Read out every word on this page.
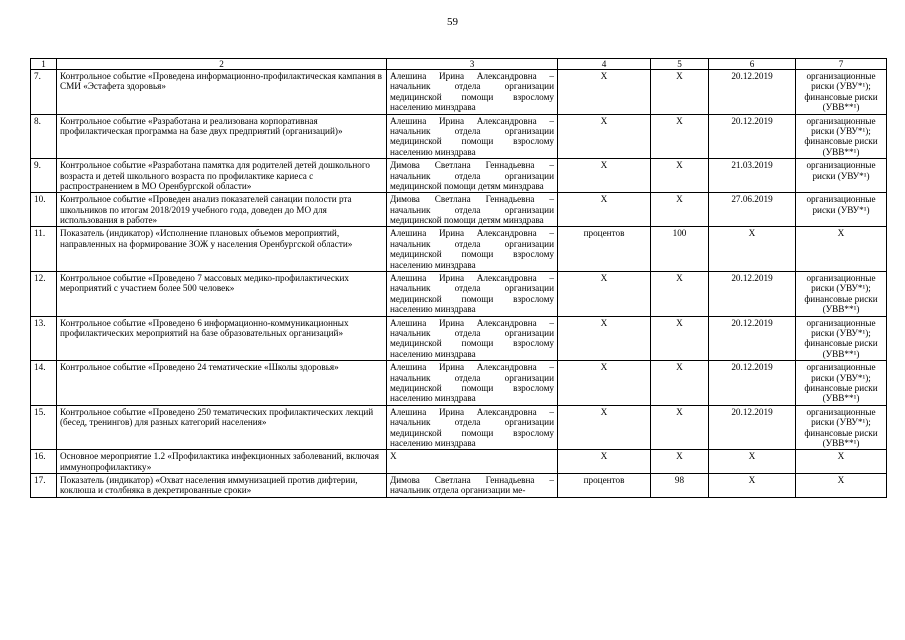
59
1	2	3	4	5	6	7
7.	Контрольное событие «Проведена информационно-профилактическая кампания в СМИ «Эстафета здоровья»	Алешина Ирина Александровна – начальник отдела организации медицинской помощи взрослому населению минздрава	Х	Х	20.12.2019	организационные риски (УВУ*¹);
финансовые риски (УВВ**¹)

8.	Контрольное событие «Разработана и реализована корпоративная профилактическая программа на базе двух предприятий (организаций)»	Алешина Ирина Александровна – начальник отдела организации медицинской помощи взрослому населению минздрава	Х	Х	20.12.2019	организационные риски (УВУ*¹);
финансовые риски (УВВ**¹)

9.	Контрольное событие «Разработана памятка для родителей детей дошкольного возраста и детей школьного возраста по профилактике кариеса с распространением в МО Оренбургской области»	Димова Светлана Геннадьевна – начальник отдела организации медицинской помощи детям минздрава	Х	Х	21.03.2019	организационные риски (УВУ*¹)

10.	Контрольное событие «Проведен анализ показателей санации полости рта школьников по итогам 2018/2019 учебного года, доведен до МО для использования в работе»	Димова Светлана Геннадьевна – начальник отдела организации медицинской помощи детям минздрава	Х	Х	27.06.2019	организационные риски (УВУ*¹)

11.	Показатель (индикатор) «Исполнение плановых объемов мероприятий, направленных на формирование ЗОЖ у населения Оренбургской области»	Алешина Ирина Александровна – начальник отдела организации медицинской помощи взрослому населению минздрава	процентов	100	Х	Х

12.	Контрольное событие «Проведено 7 массовых медико-профилактических мероприятий с участием более 500 человек»	Алешина Ирина Александровна – начальник отдела организации медицинской помощи взрослому населению минздрава	Х	Х	20.12.2019	организационные риски (УВУ*¹);
финансовые риски (УВВ**¹)

13.	Контрольное событие «Проведено 6 информационно-коммуникационных профилактических мероприятий на базе образовательных организаций»	Алешина Ирина Александровна – начальник отдела организации медицинской помощи взрослому населению минздрава	Х	Х	20.12.2019	организационные риски (УВУ*¹);
финансовые риски (УВВ**¹)

14.	Контрольное событие «Проведено 24 тематические «Школы здоровья»	Алешина Ирина Александровна – начальник отдела организации медицинской помощи взрослому населению минздрава	Х	Х	20.12.2019	организационные риски (УВУ*¹);
финансовые риски (УВВ**¹)

15.	Контрольное событие «Проведено 250 тематических профилактических лекций (бесед, тренингов) для разных категорий населения»	Алешина Ирина Александровна – начальник отдела организации медицинской помощи взрослому населению минздрава	Х	Х	20.12.2019	организационные риски (УВУ*¹);
финансовые риски (УВВ**¹)

16.	Основное мероприятие 1.2 «Профилактика инфекционных заболеваний, включая иммунопрофилактику»	Х	Х	Х	Х	Х

17.	Показатель (индикатор) «Охват населения иммунизацией против дифтерии, коклюша и столбняка в декретированные сроки»	Димова Светлана Геннадьевна – начальник отдела организации ме-	процентов	98	Х	Х
